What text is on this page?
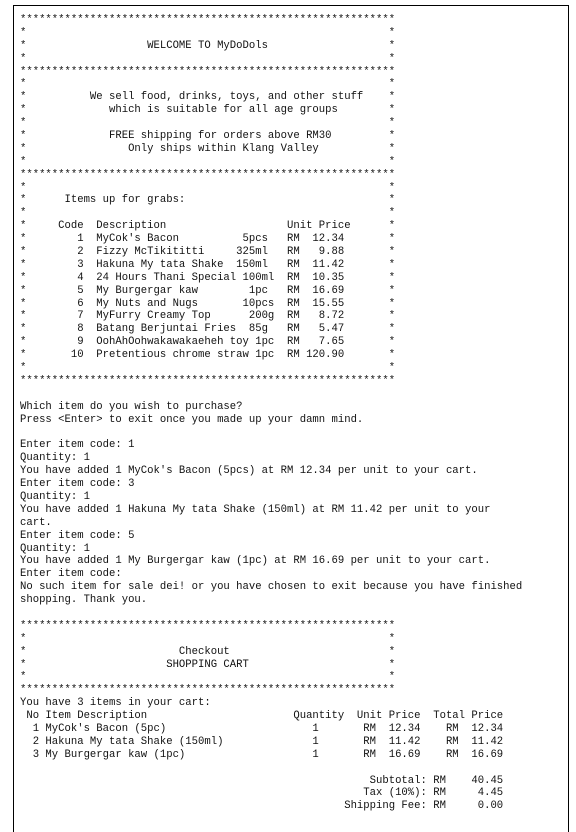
***********************************************************
*                                                         *
*                   WELCOME TO MyDoDols                   *
*                                                         *
***********************************************************
*                                                         *
*          We sell food, drinks, toys, and other stuff    *
*             which is suitable for all age groups        *
*                                                         *
*             FREE shipping for orders above RM30         *
*                Only ships within Klang Valley           *
*                                                         *
***********************************************************
*                                                         *
*      Items up for grabs:                                *
*                                                         *
*     Code  Description                   Unit Price      *
*        1  MyCok's Bacon          5pcs   RM  12.34       *
*        2  Fizzy McTikititti     325ml   RM   9.88       *
*        3  Hakuna My tata Shake  150ml   RM  11.42       *
*        4  24 Hours Thani Special 100ml  RM  10.35       *
*        5  My Burgergar kaw        1pc   RM  16.69       *
*        6  My Nuts and Nugs       10pcs  RM  15.55       *
*        7  MyFurry Creamy Top      200g  RM   8.72       *
*        8  Batang Berjuntai Fries  85g   RM   5.47       *
*        9  OohAhOohwakawakaeheh toy 1pc  RM   7.65       *
*       10  Pretentious chrome straw 1pc  RM 120.90       *
*                                                         *
***********************************************************
Which item do you wish to purchase?
Press <Enter> to exit once you made up your damn mind.
Enter item code: 1
Quantity: 1
You have added 1 MyCok's Bacon (5pcs) at RM 12.34 per unit to your cart.
Enter item code: 3
Quantity: 1
You have added 1 Hakuna My tata Shake (150ml) at RM 11.42 per unit to your
cart.
Enter item code: 5
Quantity: 1
You have added 1 My Burgergar kaw (1pc) at RM 16.69 per unit to your cart.
Enter item code:
No such item for sale dei! or you have chosen to exit because you have finished
shopping. Thank you.
***********************************************************
*                                                         *
*                        Checkout                         *
*                      SHOPPING CART                      *
*                                                         *
***********************************************************
You have 3 items in your cart:
No Item Description                       Quantity  Unit Price  Total Price
1 MyCok's Bacon (5pc)                       1       RM  12.34    RM  12.34
2 Hakuna My tata Shake (150ml)              1       RM  11.42    RM  11.42
3 My Burgergar kaw (1pc)                    1       RM  16.69    RM  16.69
Subtotal: RM    40.45
Tax (10%): RM     4.45
Shipping Fee: RM     0.00
